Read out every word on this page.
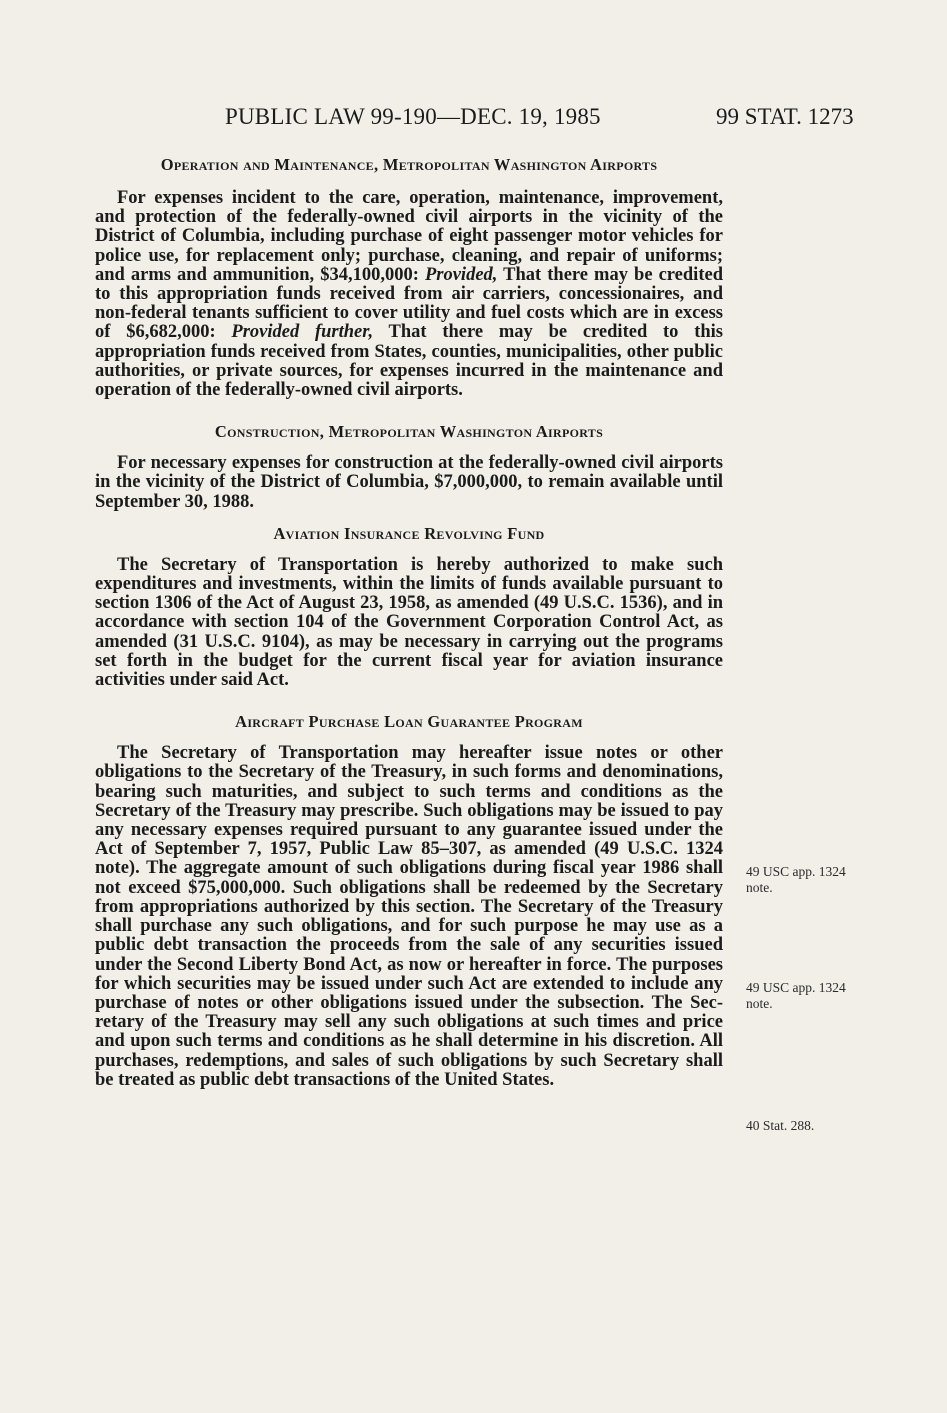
PUBLIC LAW 99-190—DEC. 19, 1985	99 STAT. 1273
Operation and Maintenance, Metropolitan Washington Airports

For expenses incident to the care, operation, maintenance, improvement, and protection of the federally-owned civil airports in the vicinity of the District of Columbia, including purchase of eight passenger motor vehicles for police use, for replacement only; purchase, cleaning, and repair of uniforms; and arms and ammunition, $34,100,000: Provided, That there may be credited to this appropriation funds received from air carriers, concessionaires, and non-federal tenants sufficient to cover utility and fuel costs which are in excess of $6,682,000: Provided further, That there may be credited to this appropriation funds received from States, counties, municipalities, other public authorities, or private sources, for expenses incurred in the maintenance and operation of the federally-owned civil airports.

Construction, Metropolitan Washington Airports

For necessary expenses for construction at the federally-owned civil airports in the vicinity of the District of Columbia, $7,000,000, to remain available until September 30, 1988.

Aviation Insurance Revolving Fund

The Secretary of Transportation is hereby authorized to make such expenditures and investments, within the limits of funds available pursuant to section 1306 of the Act of August 23, 1958, as amended (49 U.S.C. 1536), and in accordance with section 104 of the Government Corporation Control Act, as amended (31 U.S.C. 9104), as may be necessary in carrying out the programs set forth in the budget for the current fiscal year for aviation insurance activities under said Act.

Aircraft Purchase Loan Guarantee Program

The Secretary of Transportation may hereafter issue notes or other obligations to the Secretary of the Treasury, in such forms and denominations, bearing such maturities, and subject to such terms and conditions as the Secretary of the Treasury may prescribe. Such obligations may be issued to pay any necessary expenses required pursuant to any guarantee issued under the Act of September 7, 1957, Public Law 85–307, as amended (49 U.S.C. 1324 note). The aggregate amount of such obligations during fiscal year 1986 shall not exceed $75,000,000. Such obligations shall be redeemed by the Secretary from appropriations authorized by this section. The Secretary of the Treasury shall purchase any such obligations, and for such purpose he may use as a public debt transaction the proceeds from the sale of any securities issued under the Second Liberty Bond Act, as now or hereafter in force. The purposes for which securities may be issued under such Act are extended to include any purchase of notes or other obligations issued under the subsection. The Secretary of the Treasury may sell any such obligations at such times and price and upon such terms and conditions as he shall determine in his discretion. All purchases, redemptions, and sales of such obligations by such Secretary shall be treated as public debt transactions of the United States.

49 USC app. 1324
note.
49 USC app. 1324
note.
40 Stat. 288.
